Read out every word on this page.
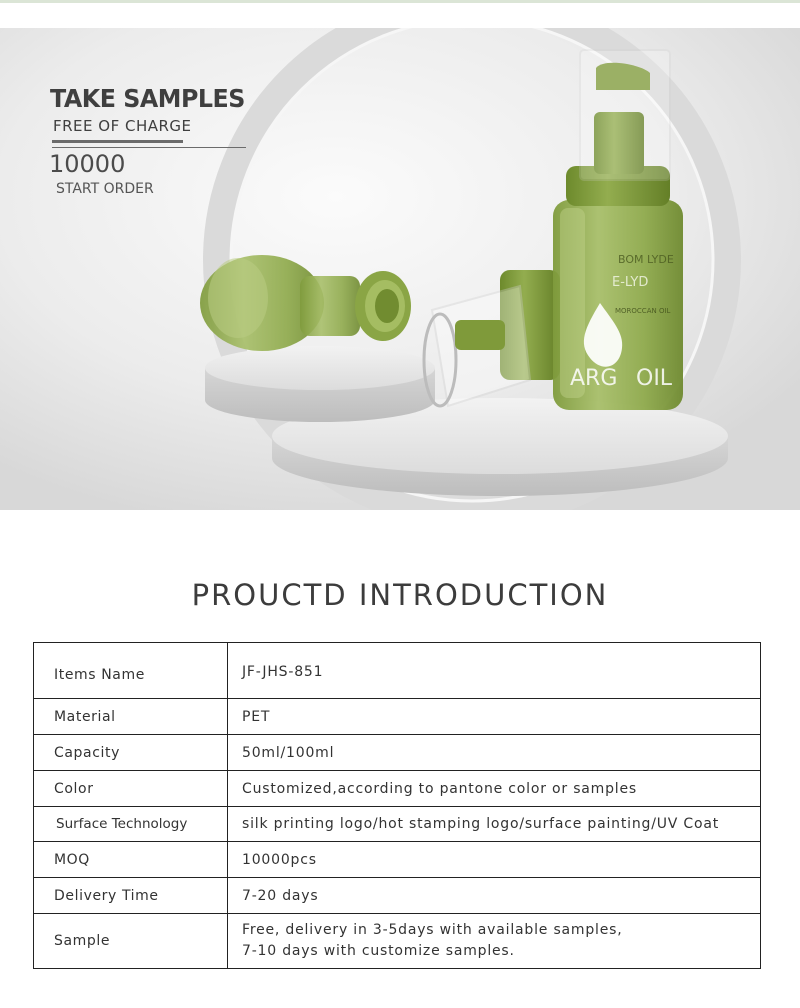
BOM LYDE
E-LYD
MOROCCAN OIL
ARG OIL
TAKE SAMPLES
FREE OF CHARGE
10000
START ORDER
PROUCTD INTRODUCTION
Items Name	JF-JHS-851
Material	PET
Capacity	50ml/100ml
Color	Customized,according to pantone color or samples
Surface Technology	silk printing logo/hot stamping logo/surface painting/UV Coat
MOQ	10000pcs
Delivery Time	7-20 days
Sample	Free, delivery in 3-5days with available samples,
7-10 days with customize samples.
